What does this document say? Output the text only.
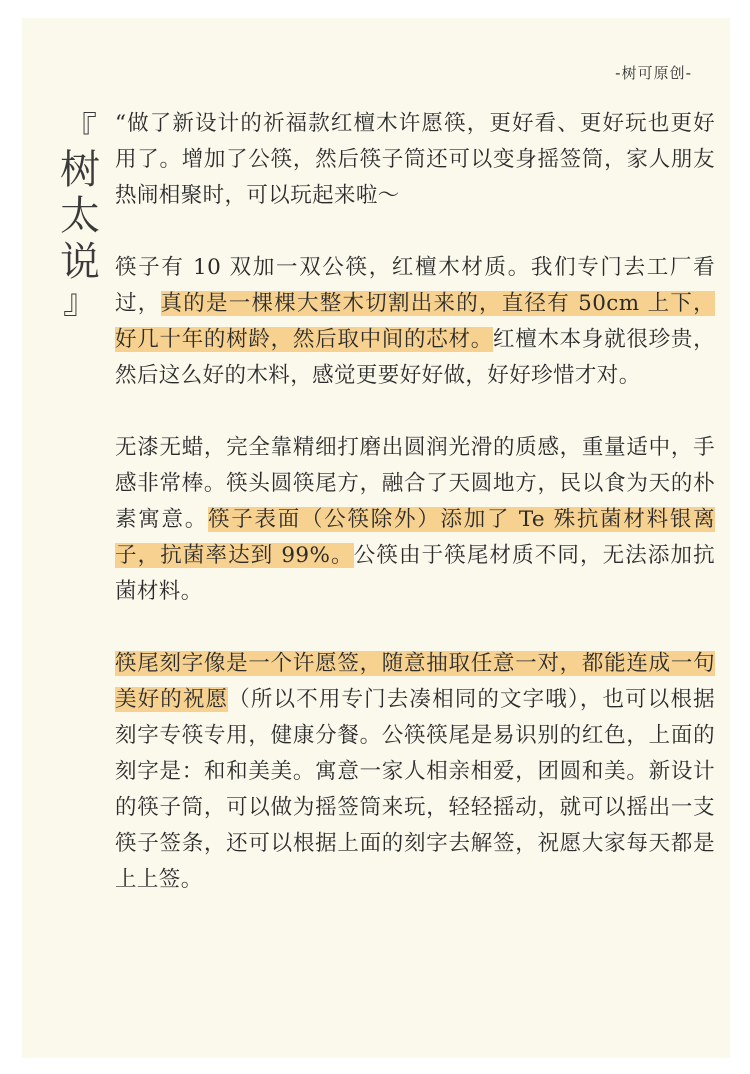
-树可原创-
『
树
太
说
』

“做了新设计的祈福款红檀木许愿筷，更好看、更好玩也更好用了。增加了公筷，然后筷子筒还可以变身摇签筒，家人朋友热闹相聚时，可以玩起来啦～

筷子有 10 双加一双公筷，红檀木材质。我们专门去工厂看过，真的是一棵棵大整木切割出来的，直径有 50cm 上下，好几十年的树龄，然后取中间的芯材。红檀木本身就很珍贵，然后这么好的木料，感觉更要好好做，好好珍惜才对。

无漆无蜡，完全靠精细打磨出圆润光滑的质感，重量适中，手感非常棒。筷头圆筷尾方，融合了天圆地方，民以食为天的朴素寓意。筷子表面（公筷除外）添加了 Te 殊抗菌材料银离子，抗菌率达到 99%。公筷由于筷尾材质不同，无法添加抗菌材料。

筷尾刻字像是一个许愿签，随意抽取任意一对，都能连成一句美好的祝愿（所以不用专门去凑相同的文字哦），也可以根据刻字专筷专用，健康分餐。公筷筷尾是易识别的红色，上面的刻字是：和和美美。寓意一家人相亲相爱，团圆和美。新设计的筷子筒，可以做为摇签筒来玩，轻轻摇动，就可以摇出一支筷子签条，还可以根据上面的刻字去解签，祝愿大家每天都是上上签。
